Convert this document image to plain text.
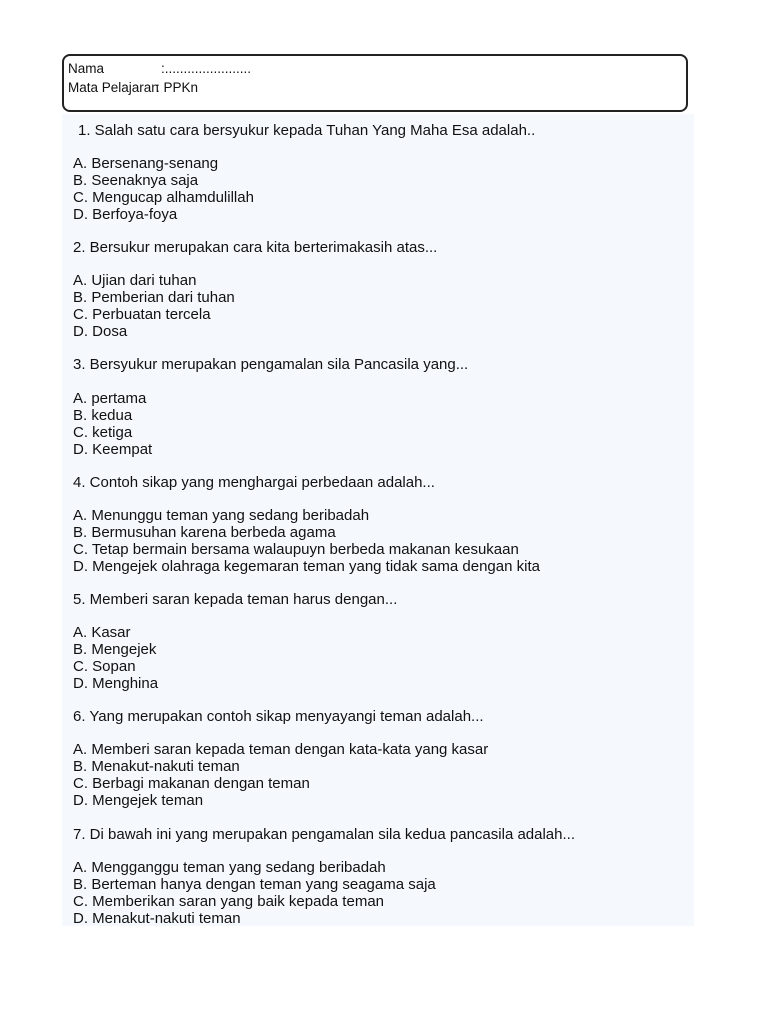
Nama	:.......................
Mata Pelajaran: PPKn
1. Salah satu cara bersyukur kepada Tuhan Yang Maha Esa adalah..
A. Bersenang-senang
B. Seenaknya saja
C. Mengucap alhamdulillah
D. Berfoya-foya
2. Bersukur merupakan cara kita berterimakasih atas...
A. Ujian dari tuhan
B. Pemberian dari tuhan
C. Perbuatan tercela
D. Dosa
3. Bersyukur merupakan pengamalan sila Pancasila yang...
A. pertama
B. kedua
C. ketiga
D. Keempat
4. Contoh sikap yang menghargai perbedaan adalah...
A. Menunggu teman yang sedang beribadah
B. Bermusuhan karena berbeda agama
C. Tetap bermain bersama walaupuyn berbeda makanan kesukaan
D. Mengejek olahraga kegemaran teman yang tidak sama dengan kita
5. Memberi saran kepada teman harus dengan...
A. Kasar
B. Mengejek
C. Sopan
D. Menghina
6. Yang merupakan contoh sikap menyayangi teman adalah...
A. Memberi saran kepada teman dengan kata-kata yang kasar
B. Menakut-nakuti teman
C. Berbagi makanan dengan teman
D. Mengejek teman
7. Di bawah ini yang merupakan pengamalan sila kedua pancasila adalah...
A. Mengganggu teman yang sedang beribadah
B. Berteman hanya dengan teman yang seagama saja
C. Memberikan saran yang baik kepada teman
D. Menakut-nakuti teman
